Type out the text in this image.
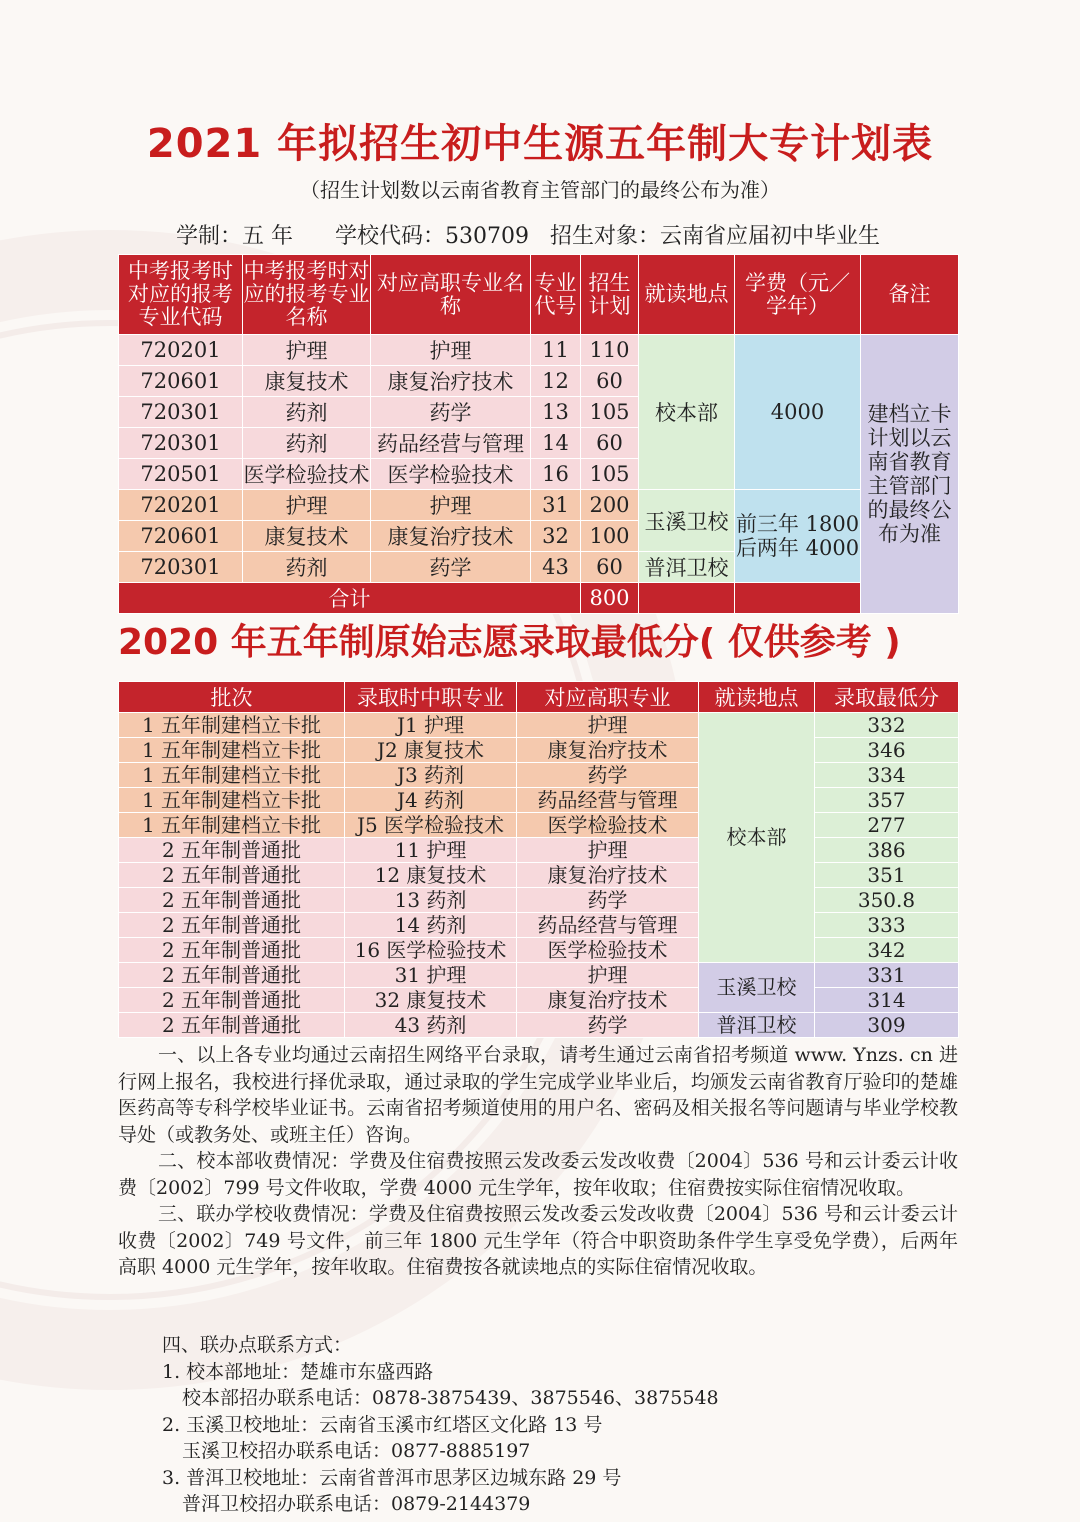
2021 年拟招生初中生源五年制大专计划表
（招生计划数以云南省教育主管部门的最终公布为准）
学制：五 年 学校代码：530709 招生对象：云南省应届初中毕业生
中考报考时对应的报考专业代码	中考报考时对应的报考专业名称	对应高职专业名称	专业代号	招生计划	就读地点	学费（元／学年）	备注
720201	护理	护理	11	110	校本部	4000	建档立卡计划以云南省教育主管部门的最终公布为准
720601	康复技术	康复治疗技术	12	60			
720301	药剂	药学	13	105			
720301	药剂	药品经营与管理	14	60			
720501	医学检验技术	医学检验技术	16	105			
720201	护理	护理	31	200	玉溪卫校	前三年 1800
后两年 4000	
720601	康复技术	康复治疗技术	32	100			
720301	药剂	药学	43	60	普洱卫校		
合计				800			
2020 年五年制原始志愿录取最低分( 仅供参考 )
批次	录取时中职专业	对应高职专业	就读地点	录取最低分
1 五年制建档立卡批	J1 护理	护理	校本部	332
1 五年制建档立卡批	J2 康复技术	康复治疗技术		346
1 五年制建档立卡批	J3 药剂	药学		334
1 五年制建档立卡批	J4 药剂	药品经营与管理		357
1 五年制建档立卡批	J5 医学检验技术	医学检验技术		277
2 五年制普通批	11 护理	护理		386
2 五年制普通批	12 康复技术	康复治疗技术		351
2 五年制普通批	13 药剂	药学		350.8
2 五年制普通批	14 药剂	药品经营与管理		333
2 五年制普通批	16 医学检验技术	医学检验技术		342
2 五年制普通批	31 护理	护理	玉溪卫校	331
2 五年制普通批	32 康复技术	康复治疗技术		314
2 五年制普通批	43 药剂	药学	普洱卫校	309

一、以上各专业均通过云南招生网络平台录取，请考生通过云南省招考频道 www. Ynzs. cn 进行网上报名，我校进行择优录取，通过录取的学生完成学业毕业后，均颁发云南省教育厅验印的楚雄医药高等专科学校毕业证书。云南省招考频道使用的用户名、密码及相关报名等问题请与毕业学校教导处（或教务处、或班主任）咨询。

二、校本部收费情况：学费及住宿费按照云发改委云发改收费〔2004〕536 号和云计委云计收费〔2002〕799 号文件收取，学费 4000 元生学年，按年收取；住宿费按实际住宿情况收取。

三、联办学校收费情况：学费及住宿费按照云发改委云发改收费〔2004〕536 号和云计委云计收费〔2002〕749 号文件，前三年 1800 元生学年（符合中职资助条件学生享受免学费），后两年高职 4000 元生学年，按年收取。住宿费按各就读地点的实际住宿情况收取。

四、联办点联系方式：
1. 校本部地址：楚雄市东盛西路
校本部招办联系电话：0878-3875439、3875546、3875548
2. 玉溪卫校地址：云南省玉溪市红塔区文化路 13 号
玉溪卫校招办联系电话：0877-8885197
3. 普洱卫校地址：云南省普洱市思茅区边城东路 29 号
普洱卫校招办联系电话：0879-2144379
